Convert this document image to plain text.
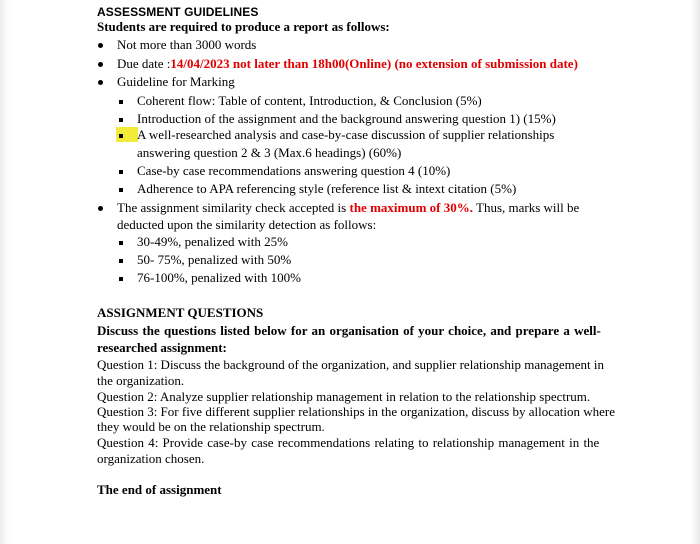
ASSESSMENT GUIDELINES
Students are required to produce a report as follows:
Not more than 3000 words
Due date :14/04/2023 not later than 18h00(Online) (no extension of submission date)
Guideline for Marking
Coherent flow: Table of content, Introduction, & Conclusion (5%)
Introduction of the assignment and the background answering question 1) (15%)
A well-researched analysis and case-by-case discussion of supplier relationships
answering question 2 & 3 (Max.6 headings) (60%)
Case-by case recommendations answering question 4 (10%)
Adherence to APA referencing style (reference list & intext citation (5%)
The assignment similarity check accepted is the maximum of 30%. Thus, marks will be
deducted upon the similarity detection as follows:
30-49%, penalized with 25%
50- 75%, penalized with 50%
76-100%, penalized with 100%
ASSIGNMENT QUESTIONS
Discuss the questions listed below for an organisation of your choice, and prepare a well-
researched assignment:
Question 1: Discuss the background of the organization, and supplier relationship management in
the organization.
Question 2: Analyze supplier relationship management in relation to the relationship spectrum.
Question 3: For five different supplier relationships in the organization, discuss by allocation where
they would be on the relationship spectrum.
Question 4: Provide case-by case recommendations relating to relationship management in the
organization chosen.
The end of assignment
